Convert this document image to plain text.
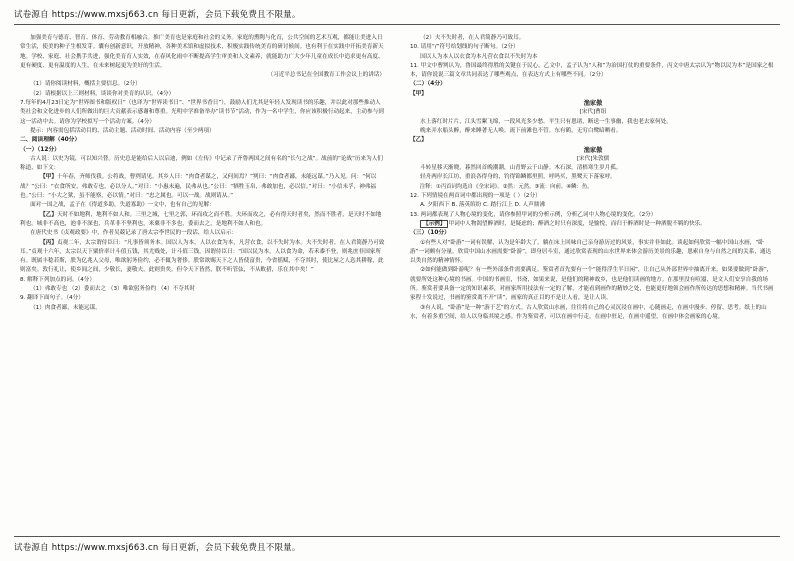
试卷源自 https://www.mxsj663.cn 每日更新，会员下载免费且不限量。

加强美育与德育、智育、体育、劳动教育相融合。推广美育也是家庭和社会的义务。家庭的熏陶与化育，公共空间的艺术互观，都能让美进入日常生活，使美的种子生根发芽。囊有创新意识，开放精神，各种美术馆和虚拟技术，积极实践传统美育的研讨候间。也有利于在实践中开拓美育新天地。学校、家庭、社会携手共进，强化美育育人实效，在春风化雨中不断提高学生审美和人文素养，就能助力广大少年儿童在成长中追求更有高度、更有硬度、更有温度的人生，在未来树起更为美好的生活。

（习近平总书记在全国教育工作会议上的讲话）

（1）请你阅读材料，概括主要信息。（2分）

（2）请根据以上三则材料，谈谈你对美育的认识。（4分）

7.每年的4月23日定为“世界图书和版权日”（也译为“世界读书日”、“世界书香日”），鼓励人们尤其是年轻人发现读书的乐趣，并以此对那些推动人类社会和文化进步的人们所做出的巨大贡献表示感谢和尊重。光明中学准备举办“读书节”活动，作为一名中学生，你应该积极行动起来，主动参与到这一活动中去。请你为学校拟写一个活动方案。（4分）

提示：内容需包括活动目的、活动主题、活动时间、活动内容（至少两项）

二、阅读理解（40分）

（一）（12分）

古人说：以史为镜，可以知兴替。历史总是能给后人以启迪，例如《左传》中记录了齐鲁两国之间有名的“长勺之战”。战前的“论战”历来为人们称道，如下文：

【甲】十年春，齐师伐我。公将战，曹刿请见。其乡人曰：“肉食者谋之，又何间焉？”刿曰：“肉食者鄙，未能远谋。”乃入见。问：“何以战？”公曰：“衣食所安，弗敢专也，必以分人。”对曰：“小惠未遍，民弗从也。”公曰：“牺牲玉帛，弗敢加也，必以信。”对曰：“小信未孚，神弗福也。”公曰：“小大之狱，虽不能察，必以情。”对曰：“忠之属也。可以一战。战则请从。”

面对一国之战，孟子在《得道多助，失道寡助》一文中，也有自己的见解：

【乙】天时不如地利，地利不如人和。三里之城，七里之郭，环而攻之而不胜。夫环而攻之，必有得天时者矣，然而不胜者，是天时不如地利也。城非不高也，池非不深也，兵革非不坚利也，米粟非不多也，委而去之，是地利不如人和也。

在唐代史书《贞观政要》中，作者吴兢记录了唐太宗李世民的一段话，给人以启示：

【丙】贞观二年，太宗谓侍臣曰：“凡事皆须务本。国以人为本，人以衣食为本，凡营衣食，以不失时为本。夫不失时者，在人君简静乃可致耳。”贞观十六年，太宗以天下粟价率计斗值五钱，其尤贱处，计斗值三钱，因谓侍臣曰：“国以民为本，人以食为命，若禾黍不登，则兆庶非国家所有。既属丰稔若斯，朕为亿兆人父母，唯欲躬务俭约，必不辄为奢侈。朕常欲赐天下之人皆使富贵，今省徭赋，不夺其时，使比屋之人恣其耕稼，此则富矣。敦行礼让，使乡闾之间，少敬长，妻敬夫，此则贵矣。但令天下皆然，朕不听管弦，不从畋猎，乐在其中矣！”

8. 解释下列加点的词。（4分）

（1）弗敢专也 （2）委而去之 （3）唯欲躬务俭约 （4）不夺其时

9. 翻译下面句子。（4分）

（1）肉食者鄙，未能远谋。

（2）夫不失时者，在人君简静乃可致耳。

10. 请用“/”符号给划线的句子断句。（2分）

国以人为本人以衣食为本凡营衣食以不失时为本

11. 甲文中曹刿认为，鲁国最终得胜的关键在于民心。乙文中，孟子认为“人和”为治国打仗的重要条件，丙文中唐太宗认为“物以民为本”是国家之根本，请你说说三篇文章共同表达了哪些观点，在表达方式上有哪些不同。（2分）

（二）（4分）

【甲】

渔家傲

[宋代]曹组

水上落红时片片，江头雪絮飞绵，一段风光多少愁。平生只有恩诸，断送一生事幽，我也老去家何处。

晚来弄水船头醉，醉来睡著无人唤。流下前滩也不管。东有鹤，无穷白鹭暗晒看。

【乙】

渔家傲

[宋代]朱敦儒

斗转星移天渐晓，暮然回首晚潮潮，山青野云千山静。木石深，清梧寒生岁月孤。

轻舟两岸长江坊，重浪各得身的，钓得锦鳞都里照，呼吗买，黑鹭天下落家呼。

注释：①丙首词均选自《全宋词》。②然：元然。③流：向前。④鳞：鱼。

12. 下列情境在两首词中都出现的一项是（ ）（2分）

A. 夕阳西下 B. 落英缤纷 C. 踏行江上 D. 人声鼎沸

13. 两词都表现了人物心境的变化，请你参照甲词的分析示例，分析乙词中人物心境的变化。（2分）

【示例】 甲词中人物渴望醉酒时，是疑虑的；醉酒之时只有深度，是愉悦，而归于醉酒时是一种洒脱不羁的快乐。

（三）（10分）

①有些人对“卧游”一词有误解，认为是年龄大了，躺在床上回味自己亲身游历过的风景，事实并非如此。谈起如何欣赏一幅中国山水画，“卧游”一词颇有分量。欣赏中国山水画需要“卧游”，即身居斗室，通过欣赏表现的山水世界来体会游历美景的乐趣，恩索自身与自然之间的关系，通达以类自然的精神情怀。

②如何能做到卧游呢？有一些外部条件需要满足。鉴赏者首先要有一个“能得浮生半日闲”，让自己从外部世界中抽离开来。如果要做到“卧游”，就要所处这种心境的书画。中国的书画室，书斋，如果来说，是他们的精神故乡，也是他们读画的地方。在那里没有喧嚣，是文人们安享自我的场所。鉴赏者要具备一定的知识素养，对画家所用技法有一定的了解，才能看到画作的精妙之处，也能更好地领会画作所传达的思想和精神。当代书画家程十发说过，书画的鉴赏离不开“读”，画家的真正目的不是让人看，是让人读。

③有人说，“卧游”是一种“游于艺”的方式。古人欣赏山水画，往往将自己的心灵沉浸在画中，心随画走，在画中漫步、停留、思考。纸上的山水，有着多重空间，给人以身临其境之感。作为鉴赏者，可以在画中行走，在画中驻足，在画中遥望，在画中体会画家的心境。

试卷源自 https://www.mxsj663.cn 每日更新，会员下载免费且不限量。
